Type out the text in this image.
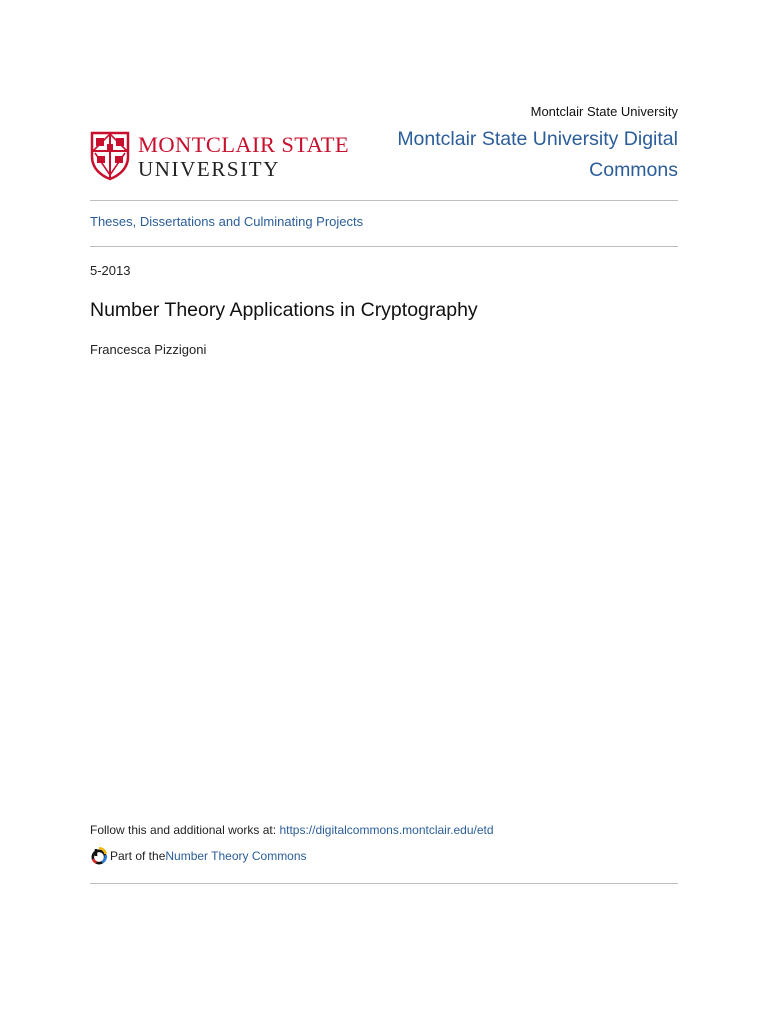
Montclair State University
MONTCLAIR STATE
UNIVERSITY
Montclair State University Digital Commons
Theses, Dissertations and Culminating Projects
5-2013
Number Theory Applications in Cryptography
Francesca Pizzigoni
Follow this and additional works at: https://digitalcommons.montclair.edu/etd
Part of the Number Theory Commons
